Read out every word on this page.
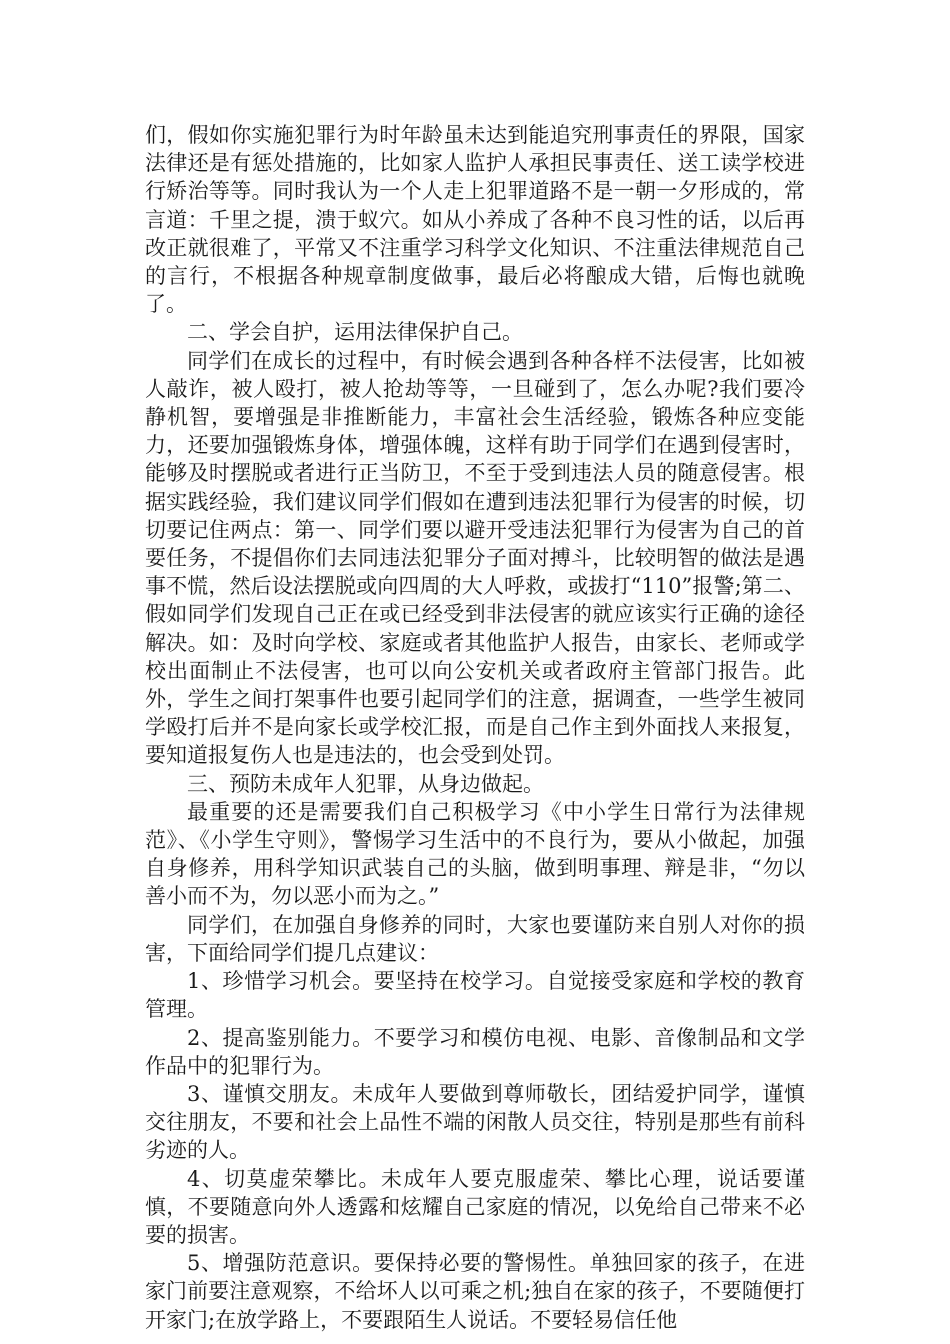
们，假如你实施犯罪行为时年龄虽未达到能追究刑事责任的界限，国家法律还是有惩处措施的，比如家人监护人承担民事责任、送工读学校进行矫治等等。同时我认为一个人走上犯罪道路不是一朝一夕形成的，常言道：千里之提，溃于蚁穴。如从小养成了各种不良习性的话，以后再改正就很难了，平常又不注重学习科学文化知识、不注重法律规范自己的言行，不根据各种规章制度做事，最后必将酿成大错，后悔也就晚了。

二、学会自护，运用法律保护自己。

同学们在成长的过程中，有时候会遇到各种各样不法侵害，比如被人敲诈，被人殴打，被人抢劫等等，一旦碰到了，怎么办呢?我们要冷静机智，要增强是非推断能力，丰富社会生活经验，锻炼各种应变能力，还要加强锻炼身体，增强体魄，这样有助于同学们在遇到侵害时，能够及时摆脱或者进行正当防卫，不至于受到违法人员的随意侵害。根据实践经验，我们建议同学们假如在遭到违法犯罪行为侵害的时候，切切要记住两点：第一、同学们要以避开受违法犯罪行为侵害为自己的首要任务，不提倡你们去同违法犯罪分子面对搏斗，比较明智的做法是遇事不慌，然后设法摆脱或向四周的大人呼救，或拔打“110”报警;第二、假如同学们发现自己正在或已经受到非法侵害的就应该实行正确的途径解决。如：及时向学校、家庭或者其他监护人报告，由家长、老师或学校出面制止不法侵害，也可以向公安机关或者政府主管部门报告。此外，学生之间打架事件也要引起同学们的注意，据调查，一些学生被同学殴打后并不是向家长或学校汇报，而是自己作主到外面找人来报复，要知道报复伤人也是违法的，也会受到处罚。

三、预防未成年人犯罪，从身边做起。

最重要的还是需要我们自己积极学习《中小学生日常行为法律规范》、《小学生守则》，警惕学习生活中的不良行为，要从小做起，加强自身修养，用科学知识武装自己的头脑，做到明事理、辩是非，“勿以善小而不为，勿以恶小而为之。”

同学们，在加强自身修养的同时，大家也要谨防来自别人对你的损害，下面给同学们提几点建议：

1、珍惜学习机会。要坚持在校学习。自觉接受家庭和学校的教育管理。

2、提高鉴别能力。不要学习和模仿电视、电影、音像制品和文学作品中的犯罪行为。

3、谨慎交朋友。未成年人要做到尊师敬长，团结爱护同学，谨慎交往朋友，不要和社会上品性不端的闲散人员交往，特别是那些有前科劣迹的人。

4、切莫虚荣攀比。未成年人要克服虚荣、攀比心理，说话要谨慎，不要随意向外人透露和炫耀自己家庭的情况，以免给自己带来不必要的损害。

5、增强防范意识。要保持必要的警惕性。单独回家的孩子，在进家门前要注意观察，不给坏人以可乘之机;独自在家的孩子，不要随便打开家门;在放学路上，不要跟陌生人说话。不要轻易信任他
